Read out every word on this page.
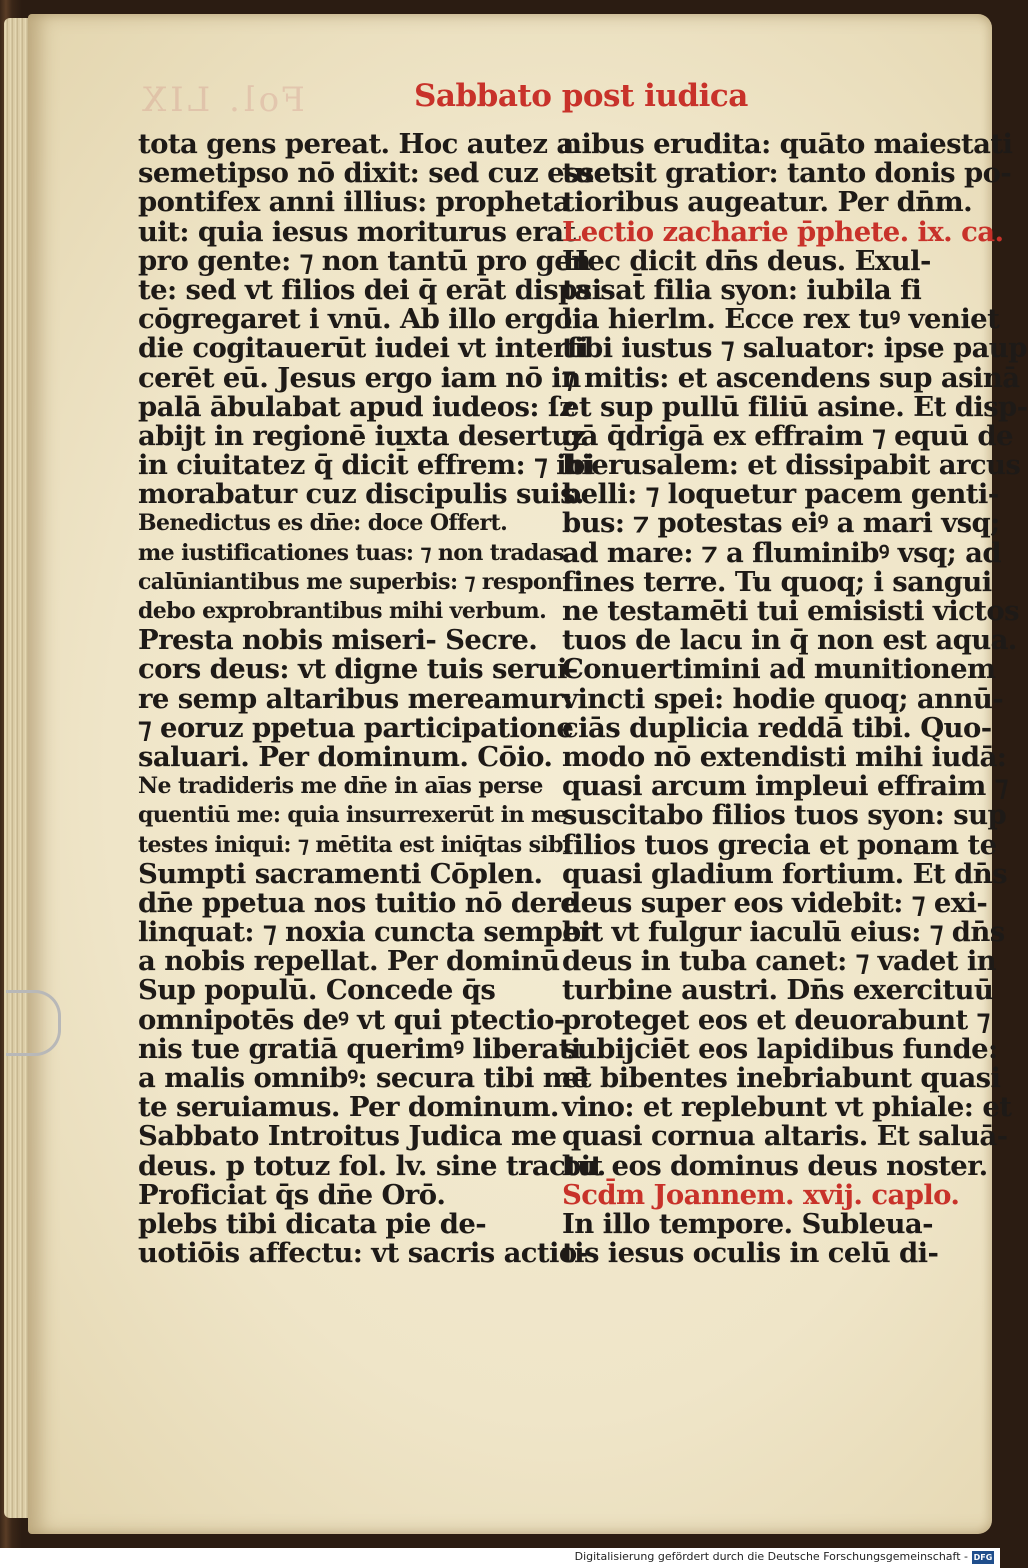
Fol. LIX	Sabbato post iudica
tota gens pereat. Hoc autez a
semetipso nō dixit: sed cuz esset
pontifex anni illius: propheta
uit: quia iesus moriturus erat
pro gente: ⁊ non tantū pro gen
te: sed vt filios dei q̄ erāt dispsi
cōgregaret i vnū. Ab illo ergo
die cogitauerūt iudei vt interfi
cerēt eū. Jesus ergo iam nō in
palā ābulabat apud iudeos: ſz
abijt in regionē iuxta desertuz
in ciuitatez q̄ dicit̄ effrem: ⁊ ibi
morabatur cuz discipulis suis.
Benedictus es dn̄e: doce Offert.
me iustificationes tuas: ⁊ non tradas
calūniantibus me superbis: ⁊ respon
debo exprobrantibus mihi verbum.
Presta nobis miseri- Secre.
cors deus: vt digne tuis serui-
re semp altaribus mereamur:
⁊ eoruz ppetua participatione
saluari. Per dominum. Cōio.
Ne tradideris me dn̄e in aīas perse
quentiū me: quia insurrexerūt in me
testes iniqui: ⁊ mētita est iniq̄tas sibi
Sumpti sacramenti Cōplen.
dn̄e ppetua nos tuitio nō dere
linquat: ⁊ noxia cuncta semper
a nobis repellat. Per dominū
Sup populū. Concede q̄s
omnipotēs deꝰ vt qui ptectio-
nis tue gratiā querimꝰ liberati
a malis omnibꝰ: secura tibi mē
te seruiamus. Per dominum.
Sabbato Introitus Judica me
deus. p totuz fol. lv. sine tractu.
Proficiat q̄s dn̄e Orō.
plebs tibi dicata pie de-
uotiōis affectu: vt sacris actio-
nibus erudita: quāto maiestati
tue sit gratior: tanto donis po-
tioribus augeatur. Per dn̄m.
Lectio zacharie p̄phete. ix. ca.
Hec dicit dn̄s deus. Exul-
ta sat̄ filia syon: iubila fi
lia hierlm. Ecce rex tuꝰ veniet
tibi iustus ⁊ saluator: ipse paup
⁊ mitis: et ascendens sup asinā
et sup pullū filiū asine. Et disp-
gā q̄drigā ex effraim ⁊ equū de
hierusalem: et dissipabit arcus
belli: ⁊ loquetur pacem genti-
bus: ⁊ potestas eiꝰ a mari vsq;
ad mare: ⁊ a fluminibꝰ vsq; ad
fines terre. Tu quoq; i sangui
ne testamēti tui emisisti victos
tuos de lacu in q̄ non est aqua.
Conuertimini ad munitionem
vincti spei: hodie quoq; annū-
ciās duplicia reddā tibi. Quo-
modo nō extendisti mihi iudā:
quasi arcum impleui effraim ⁊
suscitabo filios tuos syon: sup
filios tuos grecia et ponam te
quasi gladium fortium. Et dn̄s
deus super eos videbit: ⁊ exi-
bit vt fulgur iaculū eius: ⁊ dn̄s
deus in tuba canet: ⁊ vadet in
turbine austri. Dn̄s exercituū
proteget eos et deuorabunt ⁊
subijciēt eos lapidibus funde:
et bibentes inebriabunt quasi
vino: et replebunt vt phiale: et
quasi cornua altaris. Et saluā-
bit eos dominus deus noster.
Scd̄m Joannem. xvij. caplo.
In illo tempore. Subleua-
tis iesus oculis in celū di-
Digitalisierung gefördert durch die Deutsche Forschungsgemeinschaft - DFG
